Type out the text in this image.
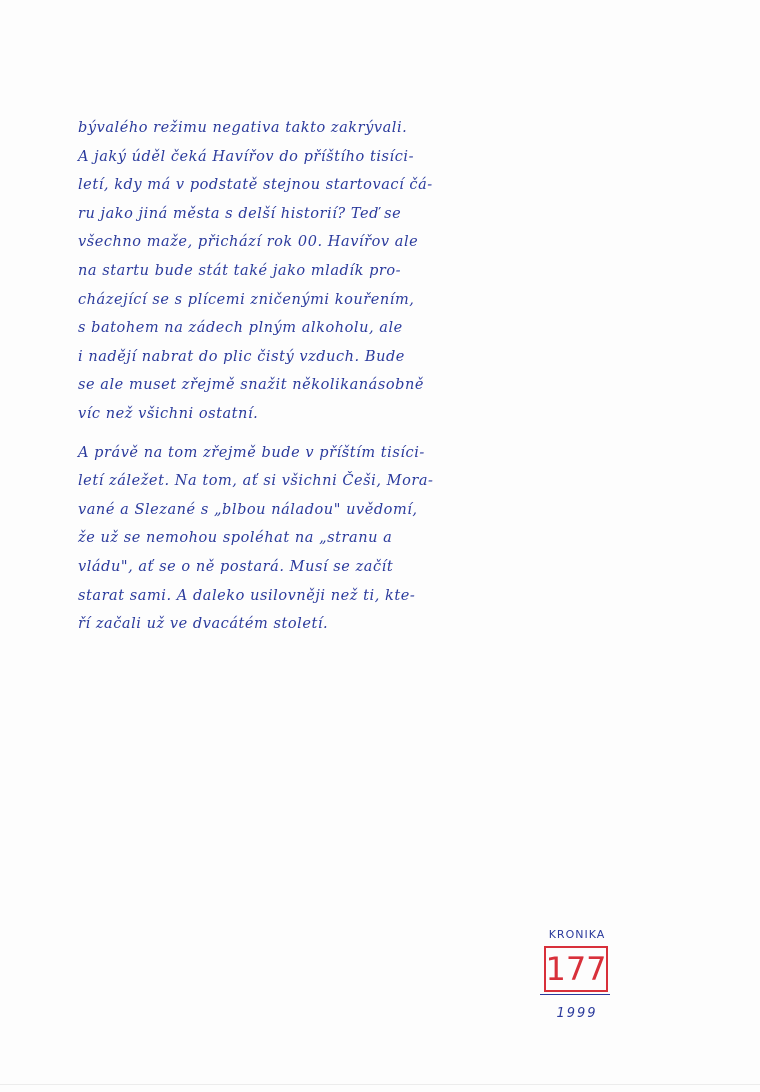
bývalého režimu negativa takto zakrývali.
A jaký úděl čeká Havířov do příštího tisíci-
letí, kdy má v podstatě stejnou startovací čá-
ru jako jiná města s delší historií? Teď se
všechno maže, přichází rok 00. Havířov ale
na startu bude stát také jako mladík pro-
cházející se s plícemi zničenými kouřením,
s batohem na zádech plným alkoholu, ale
i nadějí nabrat do plic čistý vzduch. Bude
se ale muset zřejmě snažit několikanásobně
víc než všichni ostatní.
A právě na tom zřejmě bude v příštím tisíci-
letí záležet. Na tom, ať si všichni Češi, Mora-
vané a Slezané s „blbou náladou" uvědomí,
že už se nemohou spoléhat na „stranu a
vládu", ať se o ně postará. Musí se začít
starat sami. A daleko usilovněji než ti, kte-
ří začali už ve dvacátém století.
KRONIKA
177
1999
